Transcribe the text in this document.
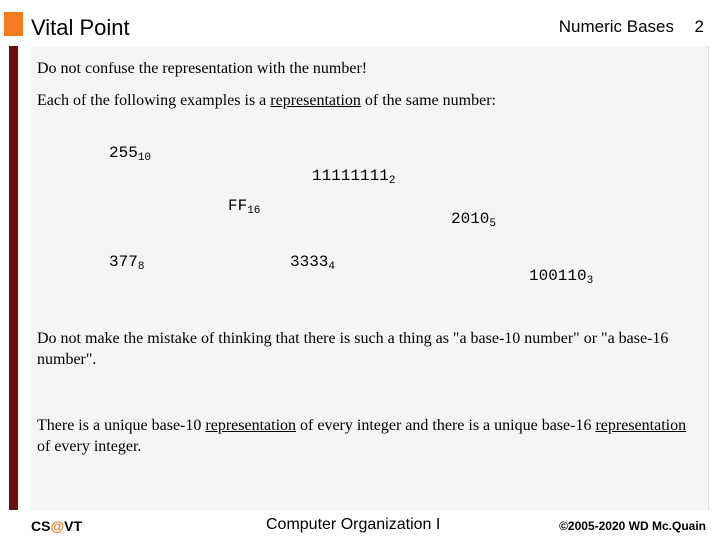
Vital Point	Numeric Bases 2
Do not confuse the representation with the number!
Each of the following examples is a representation of the same number:
$255_{10}$
$11111111_2$
$FF_{16}$	$2010_5$
$377_8$	$3333_4$	$100110_3$
Do not make the mistake of thinking that there is such a thing as "a base-10 number" or "a base-16 number".
There is a unique base-10 representation of every integer and there is a unique base-16 representation of every integer.
CS@VT	Computer Organization I	©2005-2020 WD Mc.Quain
